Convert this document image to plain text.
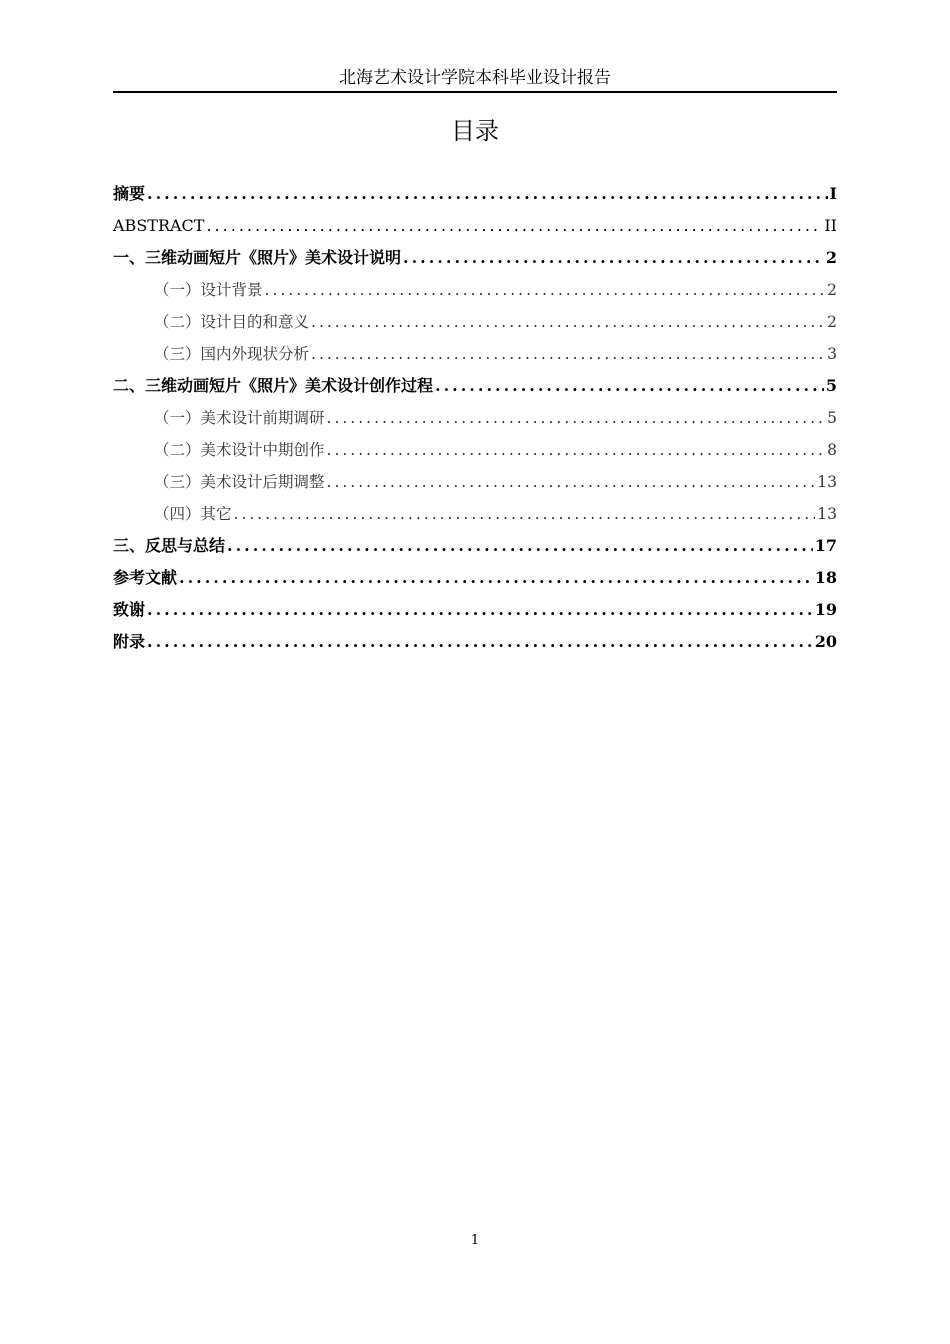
北海艺术设计学院本科毕业设计报告
目录
摘要 .....	I
ABSTRACT .....	II
一、三维动画短片《照片》美术设计说明 .....	2
（一）设计背景 .....	2
（二）设计目的和意义 .....	2
（三）国内外现状分析 .....	3
二、三维动画短片《照片》美术设计创作过程 .....	5
（一）美术设计前期调研 .....	5
（二）美术设计中期创作 .....	8
（三）美术设计后期调整 .....	13
（四）其它 .....	13
三、反思与总结 .....	17
参考文献 .....	18
致谢 .....	19
附录 .....	20
1
